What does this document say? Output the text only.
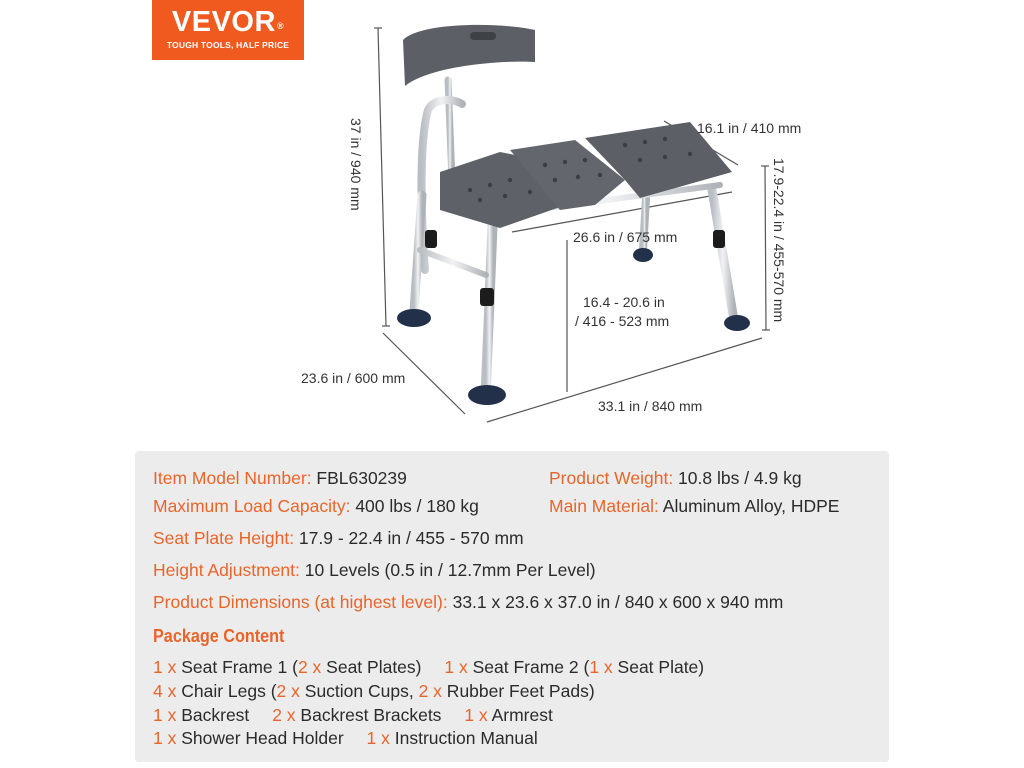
VEVOR®
TOUGH TOOLS, HALF PRICE
37 in / 940 mm	16.1 in / 410 mm
17.9-22.4 in / 455-570 mm
26.6 in / 675 mm
16.4 - 20.6 in
/ 416 - 523 mm
23.6 in / 600 mm
33.1 in / 840 mm
Item Model Number: FBL630239	Product Weight: 10.8 lbs / 4.9 kg
Maximum Load Capacity: 400 lbs / 180 kg	Main Material: Aluminum Alloy, HDPE
Seat Plate Height: 17.9 - 22.4 in / 455 - 570 mm
Height Adjustment: 10 Levels (0.5 in / 12.7mm Per Level)
Product Dimensions (at highest level): 33.1 x 23.6 x 37.0 in / 840 x 600 x 940 mm
Package Content
1 x Seat Frame 1 (2 x Seat Plates) 1 x Seat Frame 2 (1 x Seat Plate)
4 x Chair Legs (2 x Suction Cups, 2 x Rubber Feet Pads)
1 x Backrest 2 x Backrest Brackets 1 x Armrest
1 x Shower Head Holder 1 x Instruction Manual
